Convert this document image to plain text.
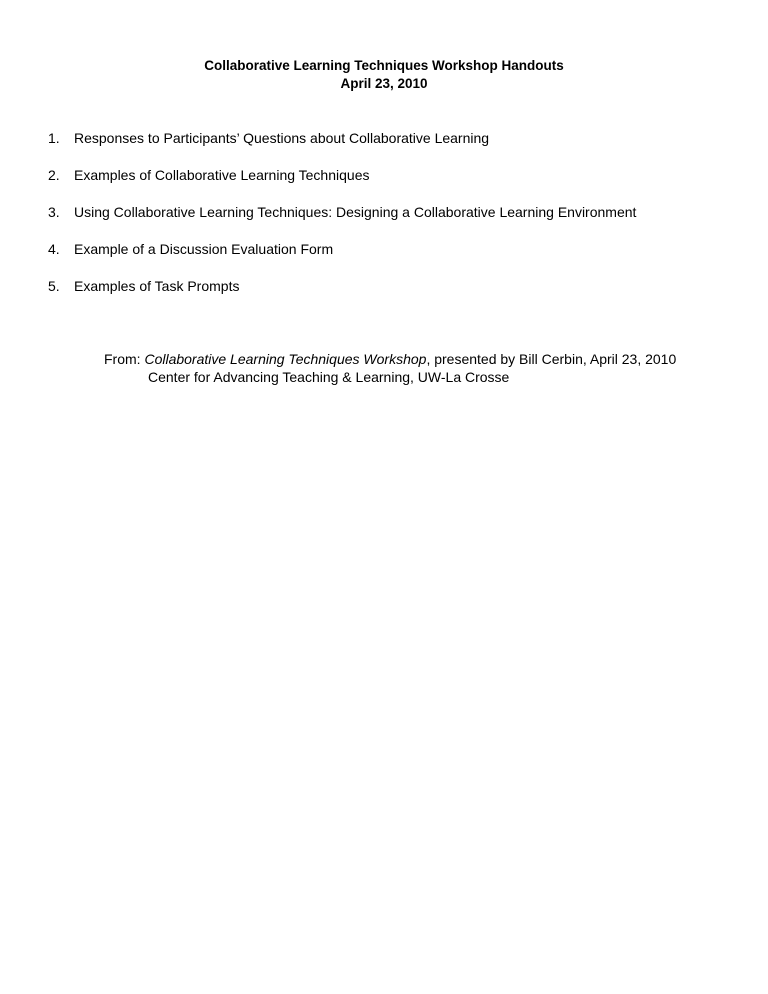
Collaborative Learning Techniques Workshop Handouts
April 23, 2010
1.	Responses to Participants’ Questions about Collaborative Learning
2.	Examples of Collaborative Learning Techniques
3.	Using Collaborative Learning Techniques: Designing a Collaborative Learning Environment
4.	Example of a Discussion Evaluation Form
5.	Examples of Task Prompts
From: Collaborative Learning Techniques Workshop, presented by Bill Cerbin, April 23, 2010
Center for Advancing Teaching & Learning, UW-La Crosse
